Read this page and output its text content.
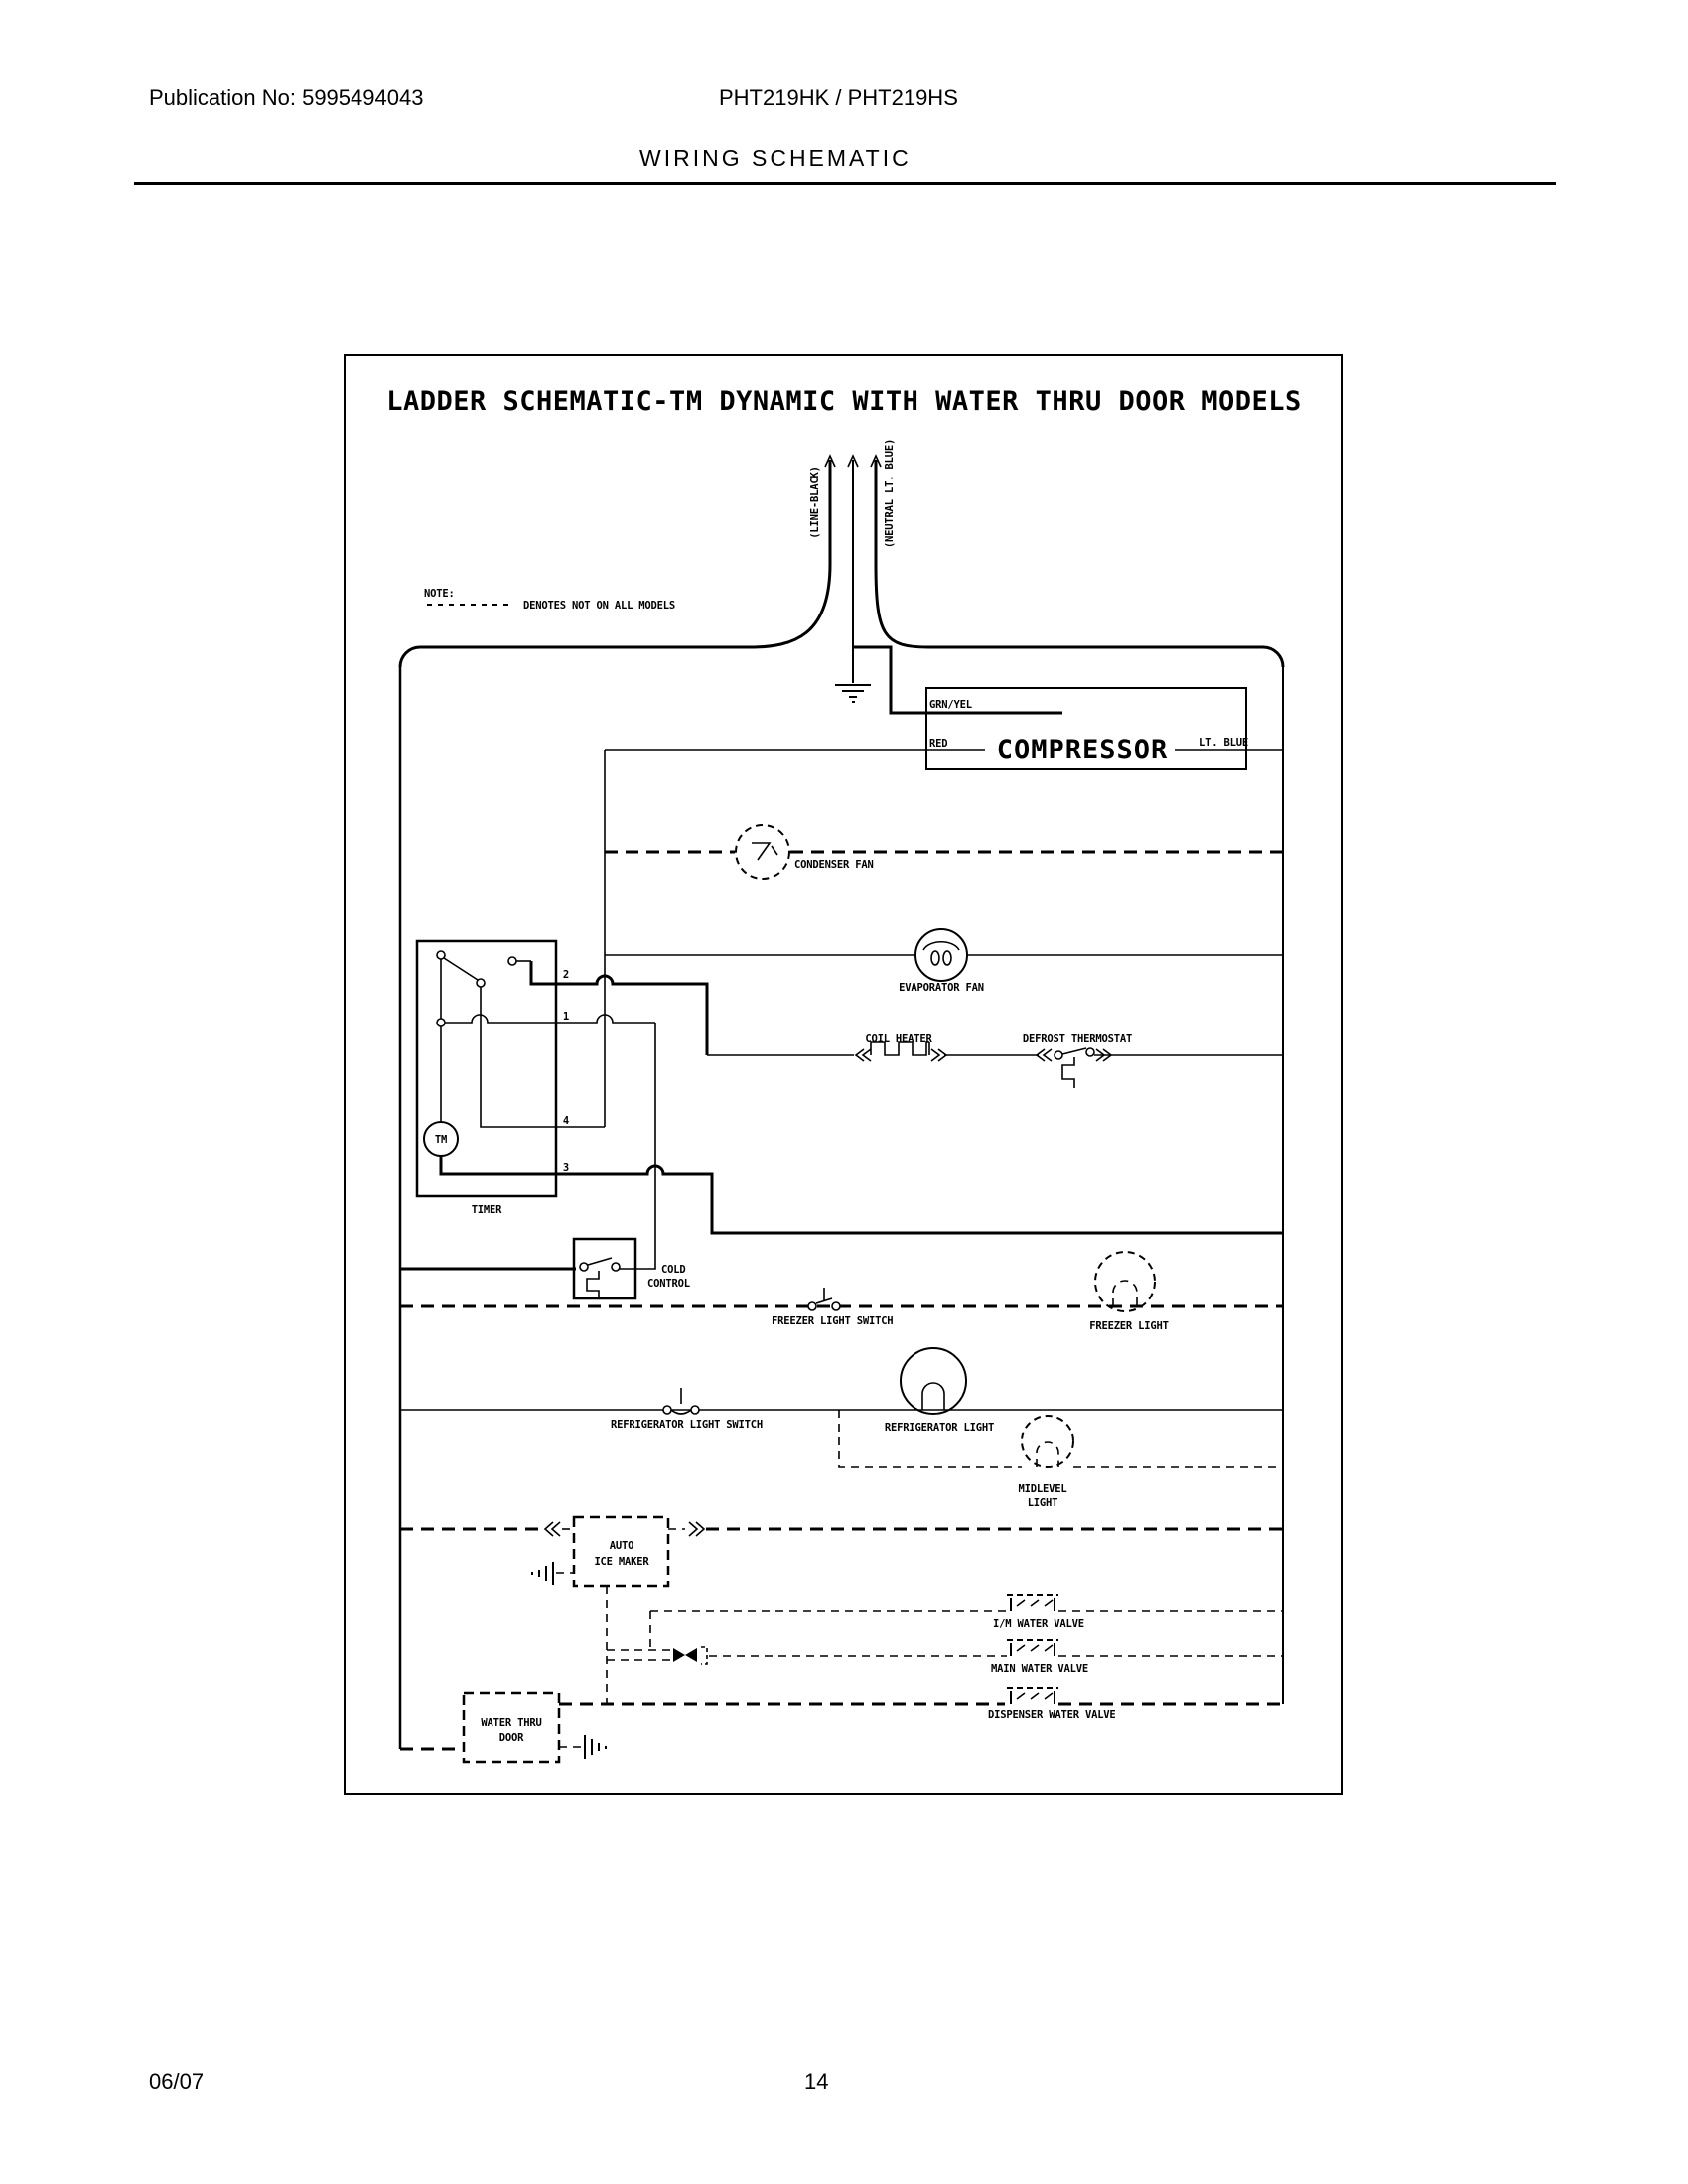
Publication No: 5995494043	PHT219HK / PHT219HS
WIRING SCHEMATIC
LADDER SCHEMATIC-TM DYNAMIC WITH WATER THRU DOOR MODELS
NOTE:
DENOTES NOT ON ALL MODELS
(LINE-BLACK)	(NEUTRAL LT. BLUE)
GRN/YEL
RED	LT. BLUE
COMPRESSOR
CONDENSER FAN
EVAPORATOR FAN
COIL HEATER	DEFROST THERMOSTAT
TM
2
1
4
3
TIMER
COLD
CONTROL
FREEZER LIGHT SWITCH	FREEZER LIGHT
REFRIGERATOR LIGHT SWITCH	REFRIGERATOR LIGHT
MIDLEVEL
LIGHT
AUTO
ICE MAKER
I/M WATER VALVE
MAIN WATER VALVE
DISPENSER WATER VALVE
WATER THRU
DOOR
06/07	14
